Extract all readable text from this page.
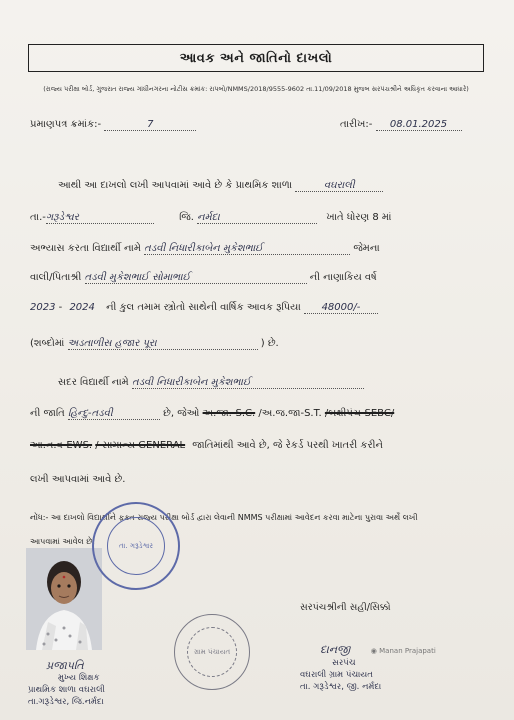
આવક અને જાતિનો દાખલો
(રાજ્ય પરીક્ષા બોર્ડ, ગુજરાત રાજ્ય ગાંધીનગરના નોટીસ ક્રમાંક: રાપબો/NMMS/2018/9555-9602 તા.11/09/2018 મુજબ સરપંચશ્રીને અધિકૃત કરવાના આધારે)
પ્રમાણપત્ર ક્રમાંક:-	7	તારીખ:- 08.01.2025
આથી આ દાખલો લખી આપવામાં આવે છે કે પ્રાથમિક શાળા	વઘરાલી
તા.-ગરૂડેશ્વર	જિ. નર્મદા	ખાતે ધોરણ 8 માં
અભ્યાસ કરતા વિદ્યાર્થી નામે તડવી નિધારીકાબેન મુકેશભાઈ	જેમના
વાલી/પિતાશ્રી તડવી મુકેશભાઈ સોમાભાઈ	ની નાણાકિય વર્ષ
2023 - 2024 ની કુલ તમામ સ્ત્રોતો સાથેની વાર્ષિક આવક રૂપિયા 48000/-
(શબ્દોમાં અડતાળીસ હજાર પૂરા	) છે.
સદર વિદ્યાર્થી નામે તડવી નિધારીકાબેન મુકેશભાઈ
ની જાતિ હિન્દુ-તડવી	છે, જેઓ અ.જા.-S.C. /અ.જ.જા-S.T. /બક્ષીપંચ-SEBC/
આ.ન.વ-EWS. / સામાન્ય GENERAL જાતિમાંથી આવે છે, જે રેકર્ડ પરથી ખાતરી કરીને
લખી આપવામાં આવે છે.
નોંધ:- આ દાખલો વિદ્યાર્થીને ફક્ત રાજ્ય પરીક્ષા બોર્ડ દ્વારા લેવાની NMMS પરીક્ષામાં આવેદન કરવા માટેના પુરાવા અર્થે લખી
આપવામાં આવેલ છે.	તા. ગરૂડેશ્વર
સરપંચશ્રીની સહી/સિક્કો
ગ્રામ પંચાયત
પ્રજાપતિ
મુખ્ય શિક્ષક
પ્રાથમિક શાળા વઘરાલી
તા.ગરૂડેશ્વર, જિ.નર્મદા
દાનજી	◉ Manan Prajapati
સરપંચ
વઘરાલી ગ્રામ પંચાયત
તા. ગરૂડેશ્વર, જી. નર્મદા
